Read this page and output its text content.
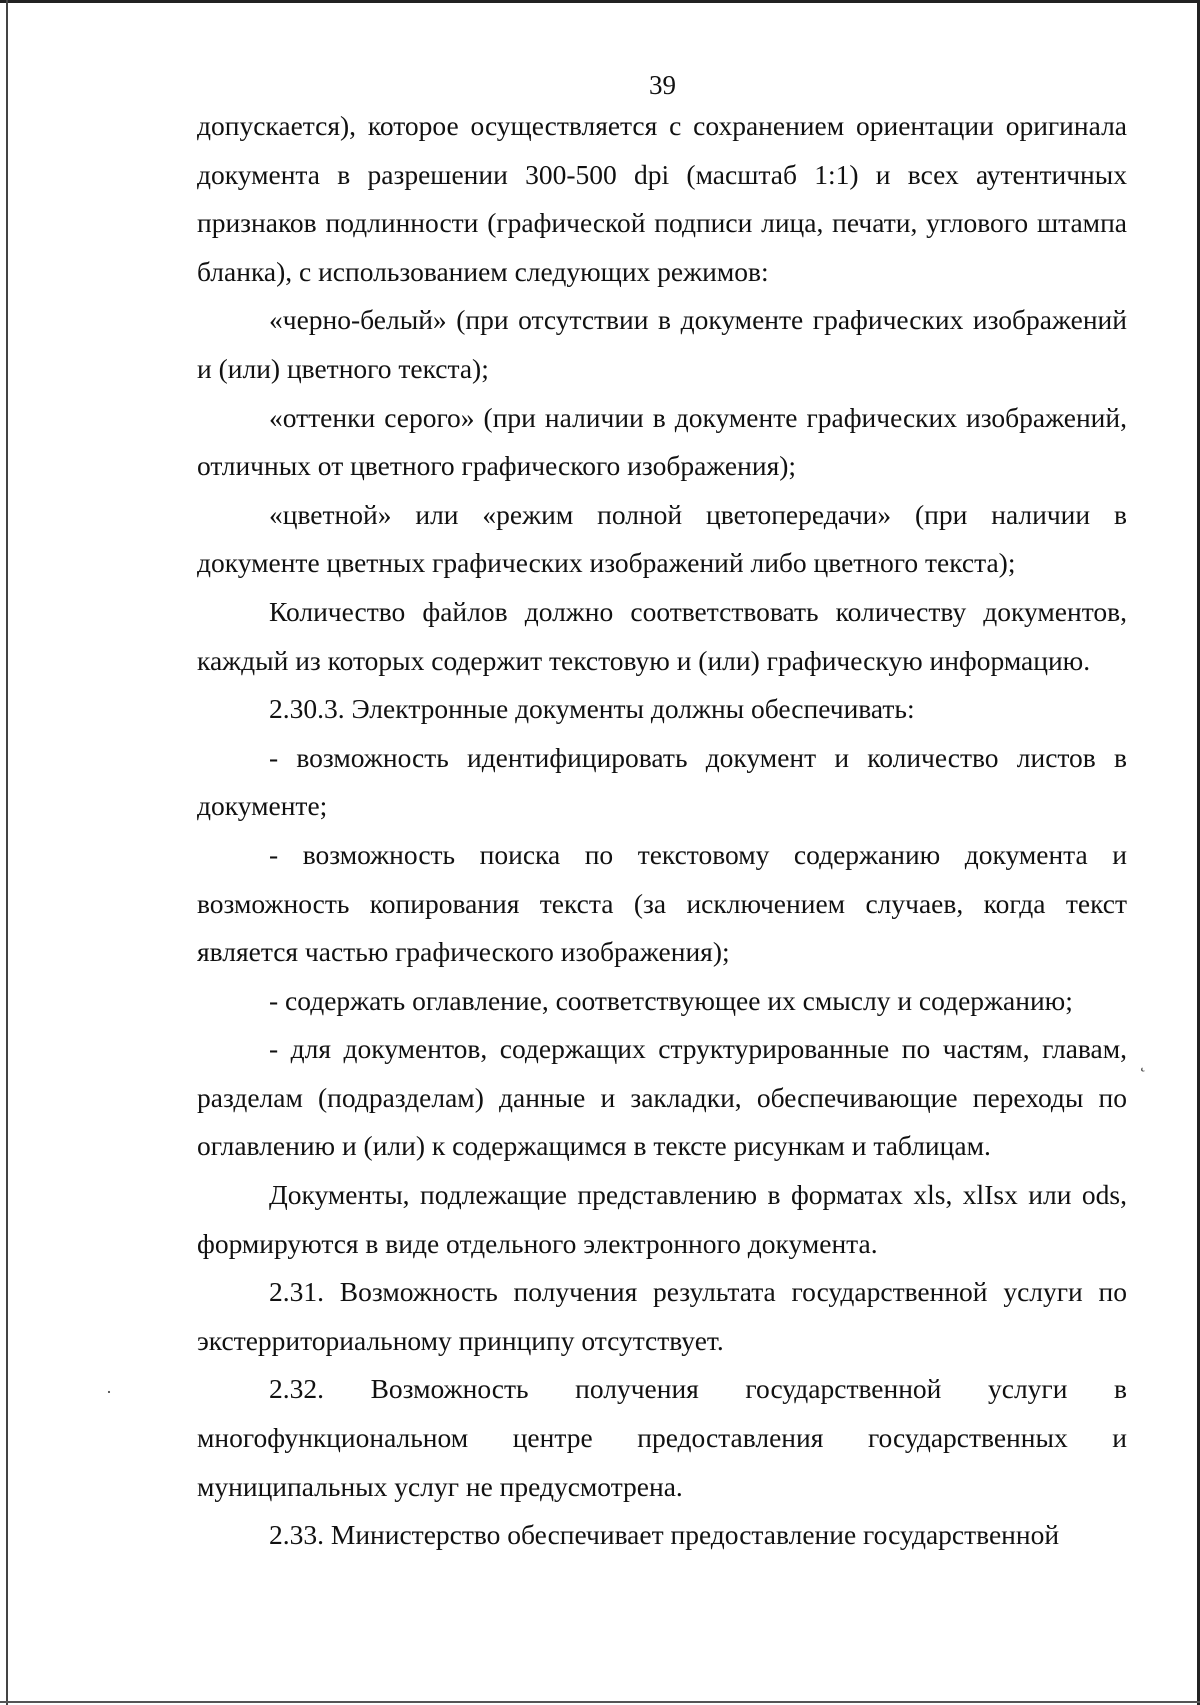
39

допускается), которое осуществляется с сохранением ориентации оригинала документа в разрешении 300-500 dpi (масштаб 1:1) и всех аутентичных признаков подлинности (графической подписи лица, печати, углового штампа бланка), с использованием следующих режимов:

«черно-белый» (при отсутствии в документе графических изображений и (или) цветного текста);

«оттенки серого» (при наличии в документе графических изображений, отличных от цветного графического изображения);

«цветной» или «режим полной цветопередачи» (при наличии в документе цветных графических изображений либо цветного текста);

Количество файлов должно соответствовать количеству документов, каждый из которых содержит текстовую и (или) графическую информацию.

2.30.3. Электронные документы должны обеспечивать:

- возможность идентифицировать документ и количество листов в документе;

- возможность поиска по текстовому содержанию документа и возможность копирования текста (за исключением случаев, когда текст является частью графического изображения);

- содержать оглавление, соответствующее их смыслу и содержанию;

- для документов, содержащих структурированные по частям, главам, разделам (подразделам) данные и закладки, обеспечивающие переходы по оглавлению и (или) к содержащимся в тексте рисункам и таблицам.

Документы, подлежащие представлению в форматах xls, xlIsx или ods, формируются в виде отдельного электронного документа.

2.31. Возможность получения результата государственной услуги по экстерриториальному принципу отсутствует.

2.32. Возможность получения государственной услуги в многофункциональном центре предоставления государственных и муниципальных услуг не предусмотрена.

2.33. Министерство обеспечивает предоставление государственной

˛
·
